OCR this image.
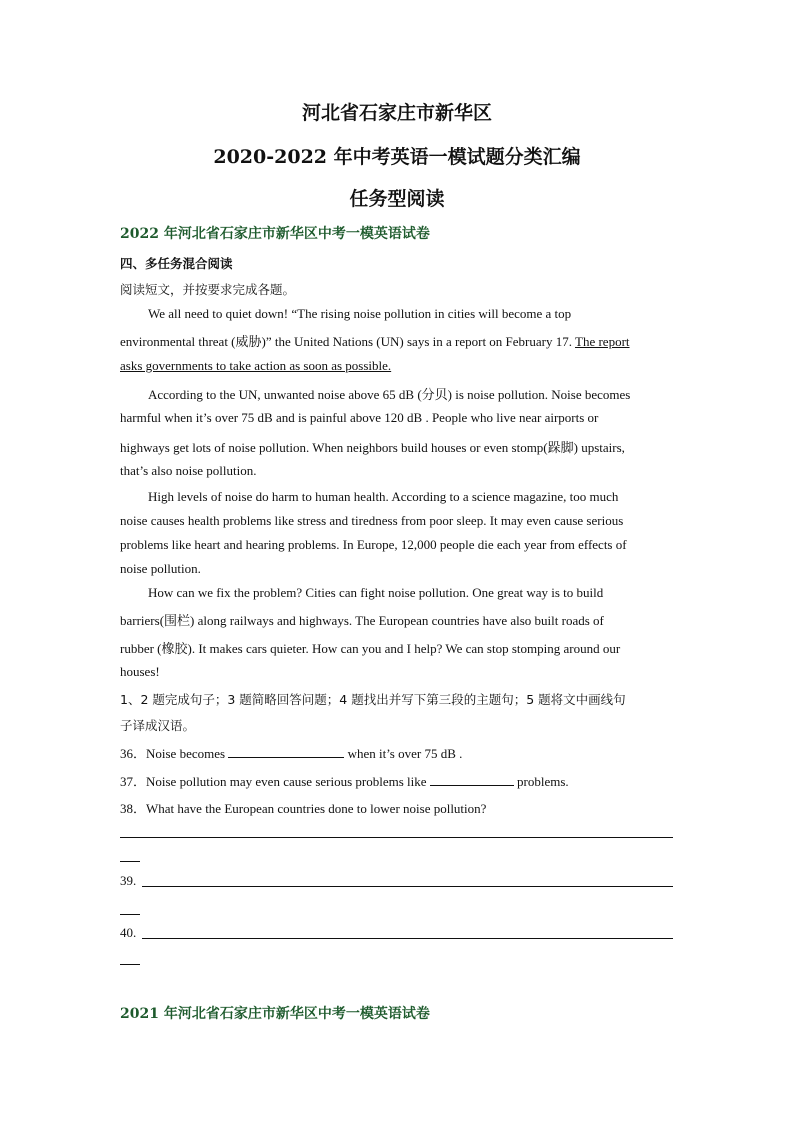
河北省石家庄市新华区
2020-2022 年中考英语一模试题分类汇编
任务型阅读
2022 年河北省石家庄市新华区中考一模英语试卷
四、多任务混合阅读
阅读短文，并按要求完成各题。
We all need to quiet down! “The rising noise pollution in cities will become a top
environmental threat (威胁)” the United Nations (UN) says in a report on February 17. The report
asks governments to take action as soon as possible.
According to the UN, unwanted noise above 65 dB (分贝) is noise pollution. Noise becomes
harmful when it’s over 75 dB and is painful above 120 dB . People who live near airports or
highways get lots of noise pollution. When neighbors build houses or even stomp(跺脚) upstairs,
that’s also noise pollution.
High levels of noise do harm to human health. According to a science magazine, too much
noise causes health problems like stress and tiredness from poor sleep. It may even cause serious
problems like heart and hearing problems. In Europe, 12,000 people die each year from effects of
noise pollution.
How can we fix the problem? Cities can fight noise pollution. One great way is to build
barriers(围栏) along railways and highways. The European countries have also built roads of
rubber (橡胶). It makes cars quieter. How can you and I help? We can stop stomping around our
houses!
1、2 题完成句子；3 题简略回答问题；4 题找出并写下第三段的主题句；5 题将文中画线句
子译成汉语。
36．Noise becomes	when it’s over 75 dB .
37．Noise pollution may even cause serious problems like	problems.
38．What have the European countries done to lower noise pollution?
39.
40.
2021 年河北省石家庄市新华区中考一模英语试卷
